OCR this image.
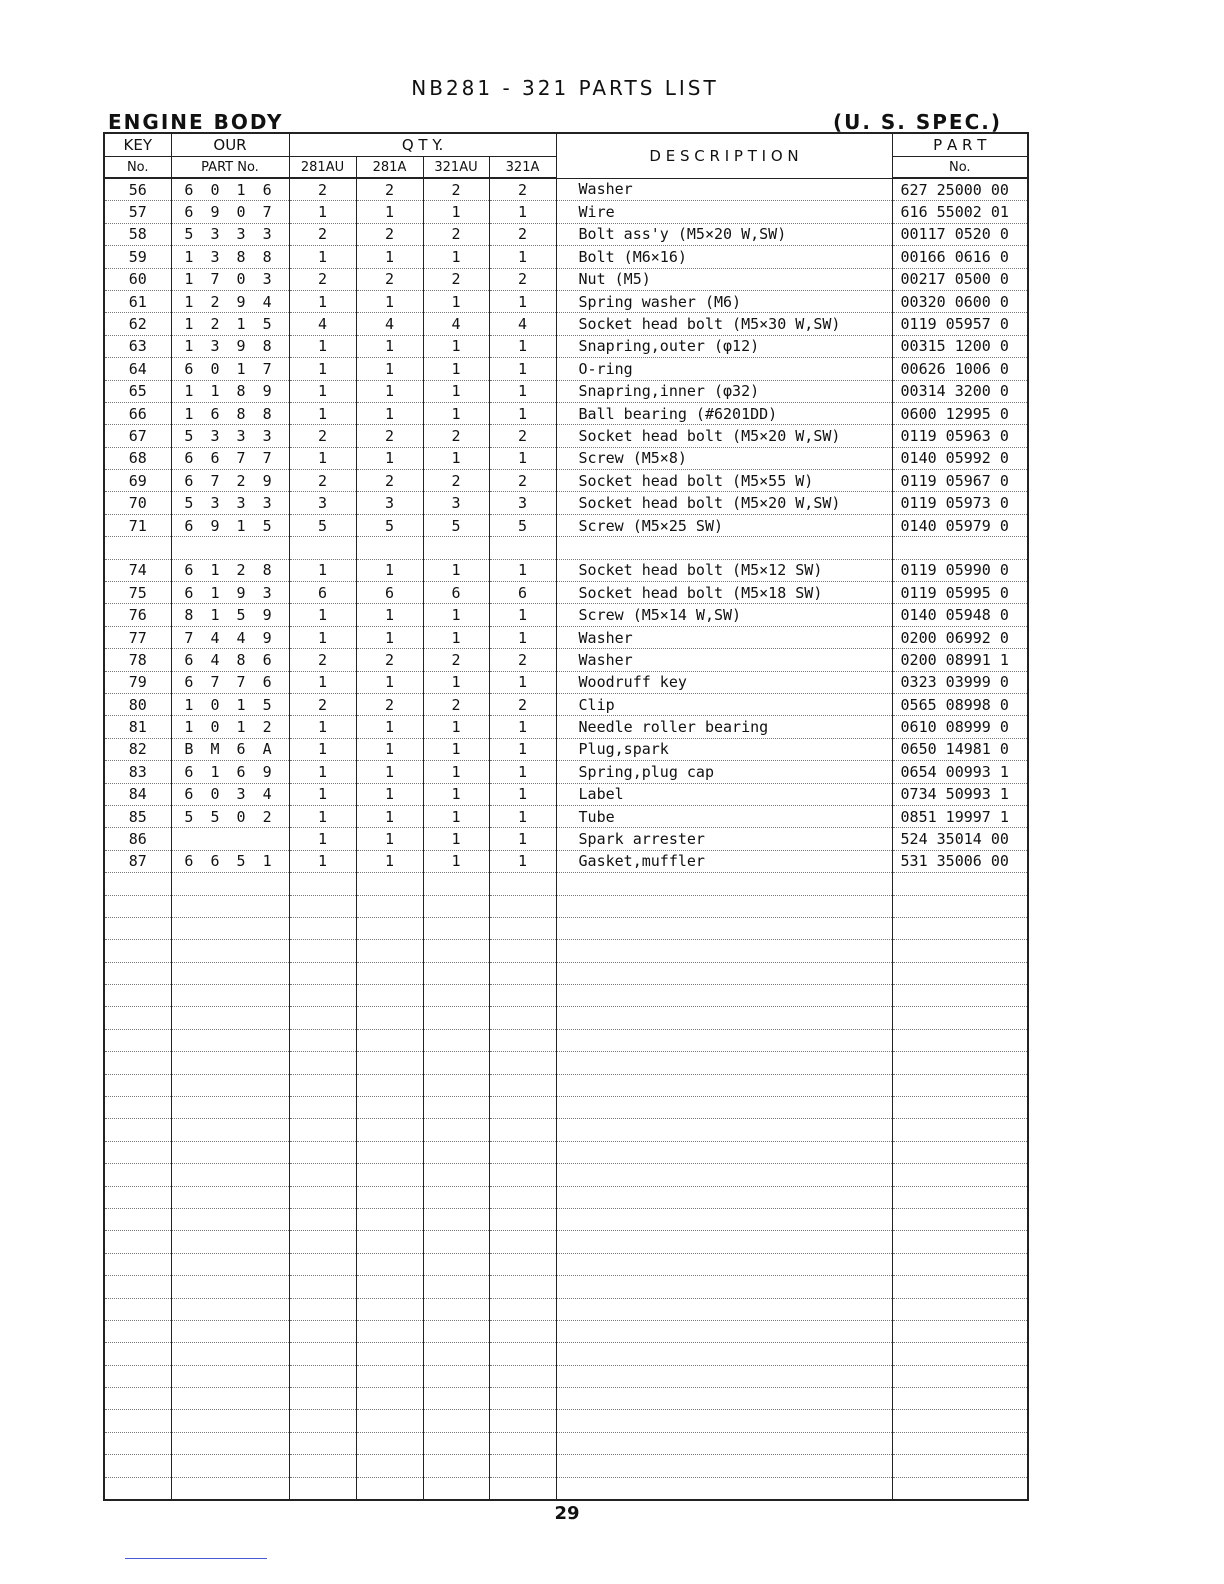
NB281 - 321 PARTS LIST
ENGINE BODY	(U. S. SPEC.)
KEY	OUR	Q T Y.				D E S C R I P T I O N	P A R T
No.	PART No.	281AU	281A	321AU	321A		No.
56	6 0 1 6	2	2	2	2	Washer	627 25000 00
57	6 9 0 7	1	1	1	1	Wire	616 55002 01
58	5 3 3 3	2	2	2	2	Bolt ass'y (M5×20 W,SW)	00117 0520 0
59	1 3 8 8	1	1	1	1	Bolt (M6×16)	00166 0616 0
60	1 7 0 3	2	2	2	2	Nut (M5)	00217 0500 0
61	1 2 9 4	1	1	1	1	Spring washer (M6)	00320 0600 0
62	1 2 1 5	4	4	4	4	Socket head bolt (M5×30 W,SW)	0119 05957 0
63	1 3 9 8	1	1	1	1	Snapring,outer (φ12)	00315 1200 0
64	6 0 1 7	1	1	1	1	O-ring	00626 1006 0
65	1 1 8 9	1	1	1	1	Snapring,inner (φ32)	00314 3200 0
66	1 6 8 8	1	1	1	1	Ball bearing (#6201DD)	0600 12995 0
67	5 3 3 3	2	2	2	2	Socket head bolt (M5×20 W,SW)	0119 05963 0
68	6 6 7 7	1	1	1	1	Screw (M5×8)	0140 05992 0
69	6 7 2 9	2	2	2	2	Socket head bolt (M5×55 W)	0119 05967 0
70	5 3 3 3	3	3	3	3	Socket head bolt (M5×20 W,SW)	0119 05973 0
71	6 9 1 5	5	5	5	5	Screw (M5×25 SW)	0140 05979 0

74	6 1 2 8	1	1	1	1	Socket head bolt (M5×12 SW)	0119 05990 0
75	6 1 9 3	6	6	6	6	Socket head bolt (M5×18 SW)	0119 05995 0
76	8 1 5 9	1	1	1	1	Screw (M5×14 W,SW)	0140 05948 0
77	7 4 4 9	1	1	1	1	Washer	0200 06992 0
78	6 4 8 6	2	2	2	2	Washer	0200 08991 1
79	6 7 7 6	1	1	1	1	Woodruff key	0323 03999 0
80	1 0 1 5	2	2	2	2	Clip	0565 08998 0
81	1 0 1 2	1	1	1	1	Needle roller bearing	0610 08999 0
82	B M 6 A	1	1	1	1	Plug,spark	0650 14981 0
83	6 1 6 9	1	1	1	1	Spring,plug cap	0654 00993 1
84	6 0 3 4	1	1	1	1	Label	0734 50993 1
85	5 5 0 2	1	1	1	1	Tube	0851 19997 1
86		1	1	1	1	Spark arrester	524 35014 00
87	6 6 5 1	1	1	1	1	Gasket,muffler	531 35006 00

29
